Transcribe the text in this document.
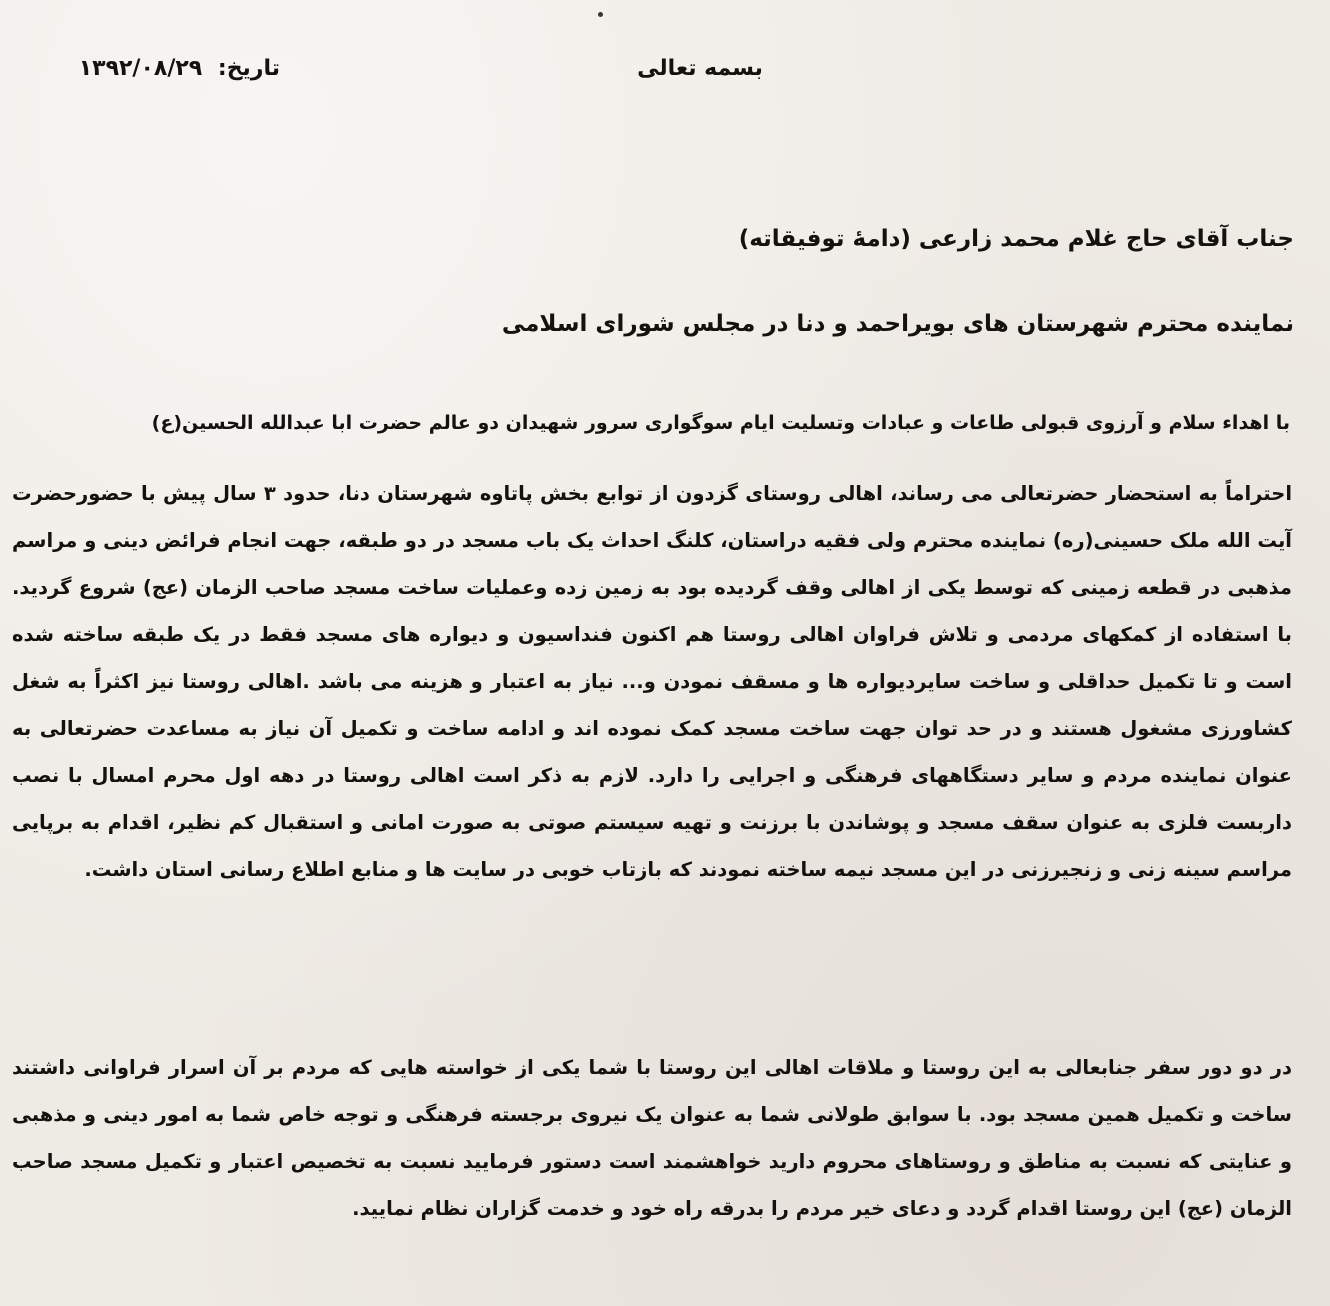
بسمه تعالی
تاریخ: ۱۳۹۲/۰۸/۲۹
جناب آقای حاج غلام محمد زارعی (دامۀ توفیقاته)
نماینده محترم شهرستان های بویراحمد و دنا در مجلس شورای اسلامی
با اهداء سلام و آرزوی قبولی طاعات و عبادات وتسلیت ایام سوگواری سرور شهیدان دو عالم حضرت ابا عبدالله الحسین(ع)
احتراماً به استحضار حضرتعالی می رساند، اهالی روستای گزدون از توابع بخش پاتاوه شهرستان دنا، حدود ۳ سال پیش با حضورحضرت آیت الله ملک حسینی(ره) نماینده محترم ولی فقیه دراستان، کلنگ احداث یک باب مسجد در دو طبقه، جهت انجام فرائض دینی و مراسم مذهبی در قطعه زمینی که توسط یکی از اهالی وقف گردیده بود به زمین زده وعملیات ساخت مسجد صاحب الزمان (عج) شروع گردید. با استفاده از کمکهای مردمی و تلاش فراوان اهالی روستا هم اکنون فنداسیون و دیواره های مسجد فقط در یک طبقه ساخته شده است و تا تکمیل حداقلی و ساخت سایردیواره ها و مسقف نمودن و... نیاز به اعتبار و هزینه می باشد .اهالی روستا نیز اکثراً به شغل کشاورزی مشغول هستند و در حد توان جهت ساخت مسجد کمک نموده اند و ادامه ساخت و تکمیل آن نیاز به مساعدت حضرتعالی به عنوان نماینده مردم و سایر دستگاههای فرهنگی و اجرایی را دارد. لازم به ذکر است اهالی روستا در دهه اول محرم امسال با نصب داربست فلزی به عنوان سقف مسجد و پوشاندن با برزنت و تهیه سیستم صوتی به صورت امانی و استقبال کم نظیر، اقدام به برپایی مراسم سینه زنی و زنجیرزنی در این مسجد نیمه ساخته نمودند که بازتاب خوبی در سایت ها و منابع اطلاع رسانی استان داشت.
در دو دور سفر جنابعالی به این روستا و ملاقات اهالی این روستا با شما یکی از خواسته هایی که مردم بر آن اسرار فراوانی داشتند ساخت و تکمیل همین مسجد بود. با سوابق طولانی شما به عنوان یک نیروی برجسته فرهنگی و توجه خاص شما به امور دینی و مذهبی و عنایتی که نسبت به مناطق و روستاهای محروم دارید خواهشمند است دستور فرمایید نسبت به تخصیص اعتبار و تکمیل مسجد صاحب الزمان (عج) این روستا اقدام گردد و دعای خیر مردم را بدرقه راه خود و خدمت گزاران نظام نمایید.
